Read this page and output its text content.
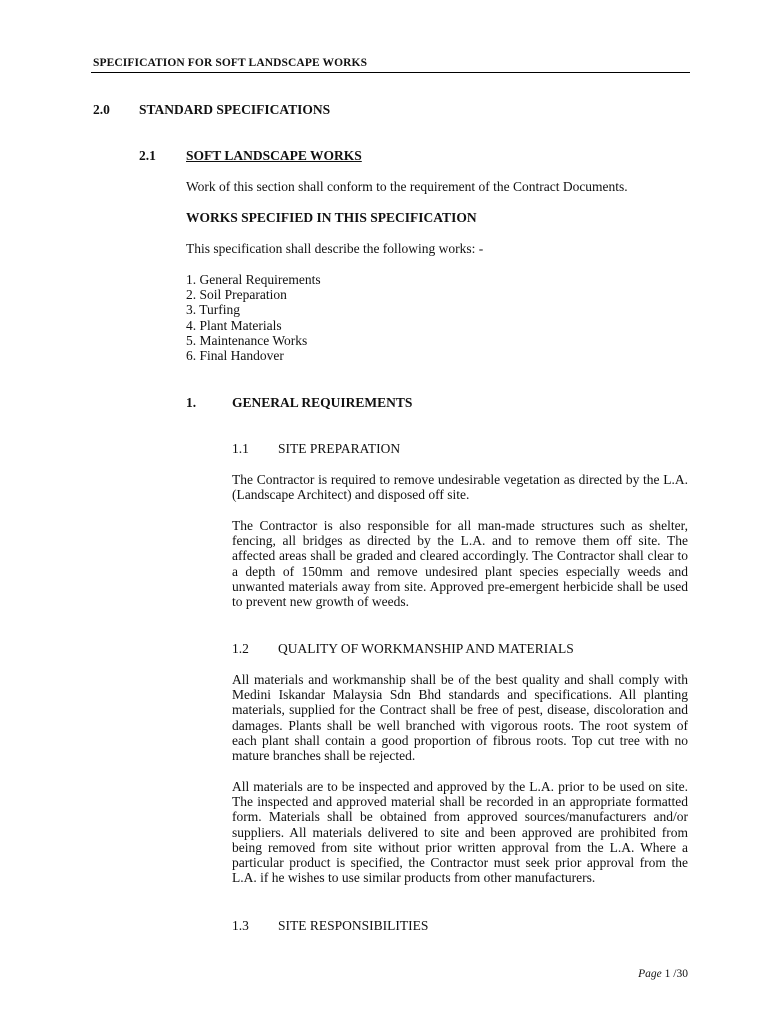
SPECIFICATION FOR SOFT LANDSCAPE WORKS
2.0 STANDARD SPECIFICATIONS
2.1 SOFT LANDSCAPE WORKS
Work of this section shall conform to the requirement of the Contract Documents.
WORKS SPECIFIED IN THIS SPECIFICATION
This specification shall describe the following works: -
1. General Requirements
2. Soil Preparation
3. Turfing
4. Plant Materials
5. Maintenance Works
6. Final Handover
1.	GENERAL REQUIREMENTS
1.1 SITE PREPARATION
The Contractor is required to remove undesirable vegetation as directed by the L.A. (Landscape Architect) and disposed off site.
The Contractor is also responsible for all man-made structures such as shelter, fencing, all bridges as directed by the L.A. and to remove them off site. The affected areas shall be graded and cleared accordingly. The Contractor shall clear to a depth of 150mm and remove undesired plant species especially weeds and unwanted materials away from site. Approved pre-emergent herbicide shall be used to prevent new growth of weeds.
1.2 QUALITY OF WORKMANSHIP AND MATERIALS
All materials and workmanship shall be of the best quality and shall comply with Medini Iskandar Malaysia Sdn Bhd standards and specifications. All planting materials, supplied for the Contract shall be free of pest, disease, discoloration and damages. Plants shall be well branched with vigorous roots. The root system of each plant shall contain a good proportion of fibrous roots. Top cut tree with no mature branches shall be rejected.
All materials are to be inspected and approved by the L.A. prior to be used on site. The inspected and approved material shall be recorded in an appropriate formatted form. Materials shall be obtained from approved sources/manufacturers and/or suppliers. All materials delivered to site and been approved are prohibited from being removed from site without prior written approval from the L.A. Where a particular product is specified, the Contractor must seek prior approval from the L.A. if he wishes to use similar products from other manufacturers.
1.3 SITE RESPONSIBILITIES
Page 1 /30
